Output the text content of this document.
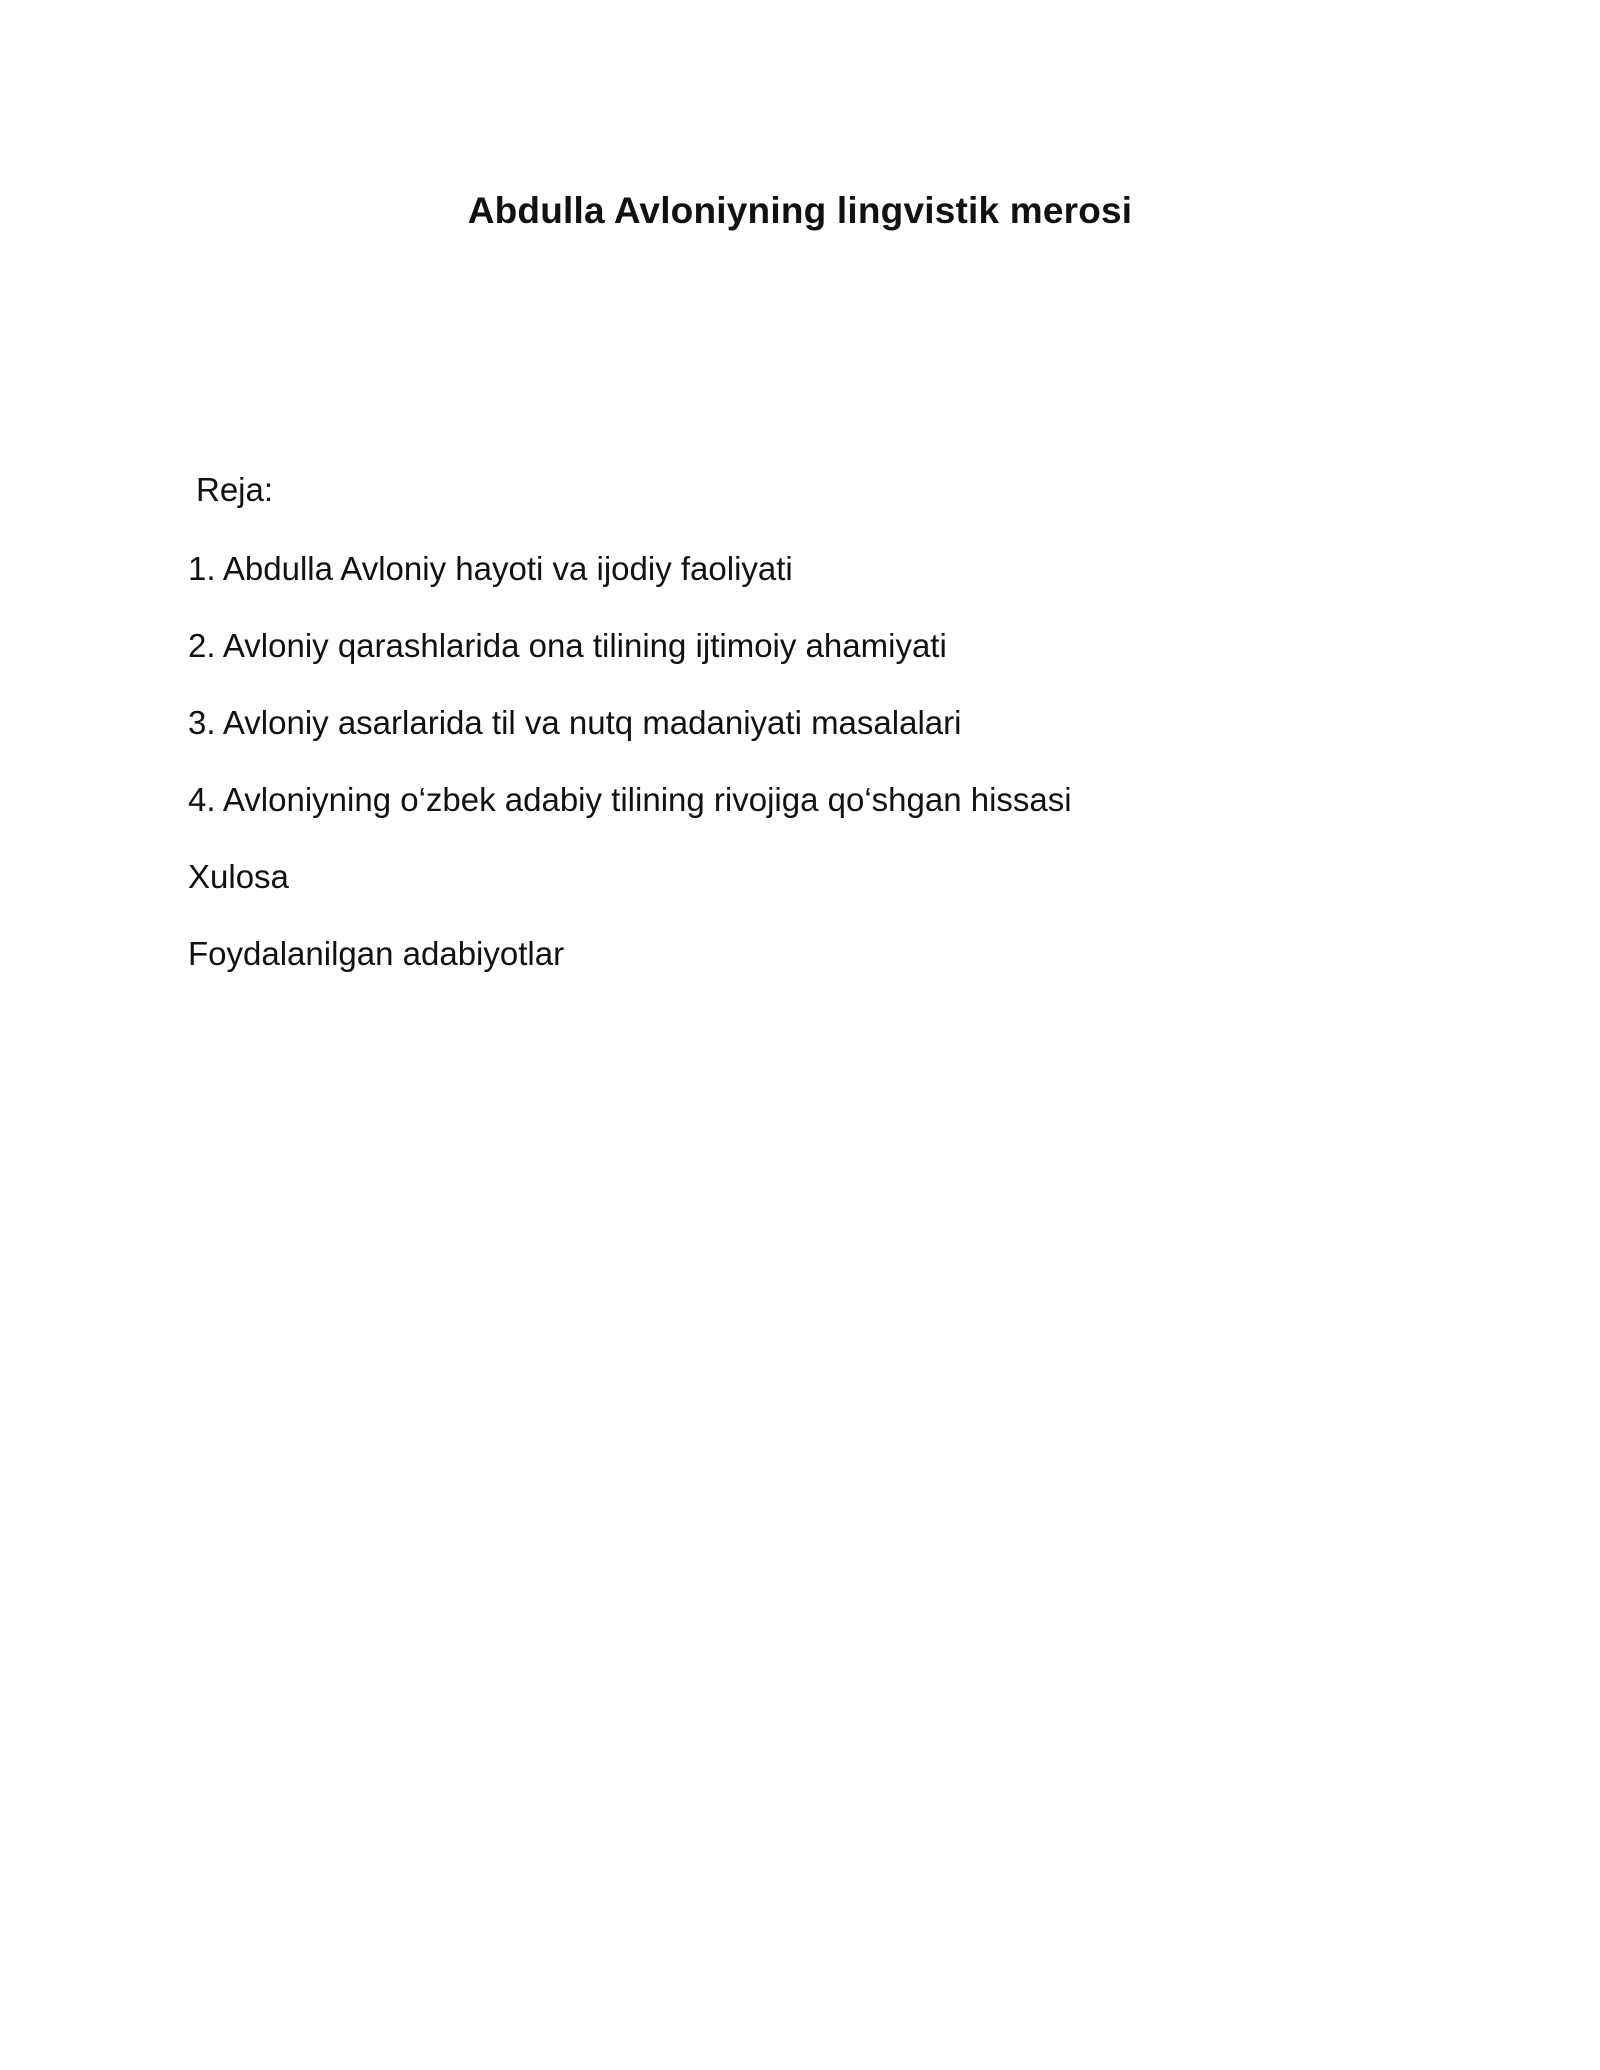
Abdulla Avloniyning lingvistik merosi
Reja:
1. Abdulla Avloniy hayoti va ijodiy faoliyati
2. Avloniy qarashlarida ona tilining ijtimoiy ahamiyati
3. Avloniy asarlarida til va nutq madaniyati masalalari
4. Avloniyning o‘zbek adabiy tilining rivojiga qo‘shgan hissasi
Xulosa
Foydalanilgan adabiyotlar
